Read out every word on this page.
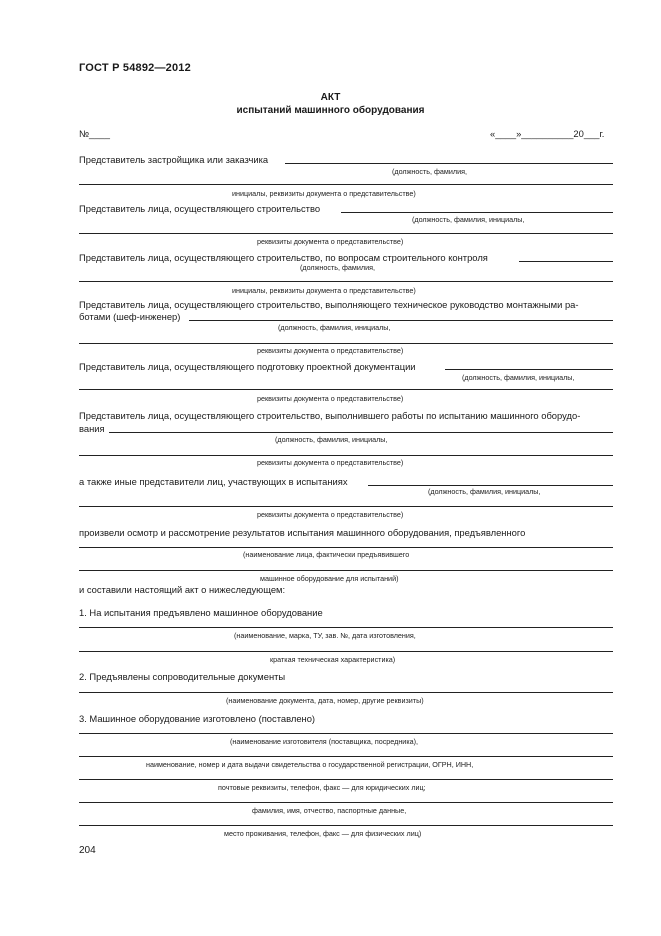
ГОСТ Р 54892—2012
АКТ
испытаний машинного оборудования
№____	«____»__________20___г.
Представитель застройщика или заказчика
(должность, фамилия,
инициалы, реквизиты документа о представительстве)
Представитель лица, осуществляющего строительство
(должность, фамилия, инициалы,
реквизиты документа о представительстве)
Представитель лица, осуществляющего строительство, по вопросам строительного контроля
(должность, фамилия,
инициалы, реквизиты документа о представительстве)
Представитель лица, осуществляющего строительство, выполняющего техническое руководство монтажными ра-
ботами (шеф-инженер)
(должность, фамилия, инициалы,
реквизиты документа о представительстве)
Представитель лица, осуществляющего подготовку проектной документации
(должность, фамилия, инициалы,
реквизиты документа о представительстве)
Представитель лица, осуществляющего строительство, выполнившего работы по испытанию машинного оборудо-
вания
(должность, фамилия, инициалы,
реквизиты документа о представительстве)
а также иные представители лиц, участвующих в испытаниях
(должность, фамилия, инициалы,
реквизиты документа о представительстве)
произвели осмотр и рассмотрение результатов испытания машинного оборудования, предъявленного
(наименование лица, фактически предъявившего
машинное оборудование для испытаний)
и составили настоящий акт о нижеследующем:
1. На испытания предъявлено машинное оборудование
(наименование, марка, ТУ, зав. №, дата изготовления,
краткая техническая характеристика)
2. Предъявлены сопроводительные документы
(наименование документа, дата, номер, другие реквизиты)
3. Машинное оборудование изготовлено (поставлено)
(наименование изготовителя (поставщика, посредника),
наименование, номер и дата выдачи свидетельства о государственной регистрации, ОГРН, ИНН,
почтовые реквизиты, телефон, факс — для юридических лиц;
фамилия, имя, отчество, паспортные данные,
место проживания, телефон, факс — для физических лиц)
204
